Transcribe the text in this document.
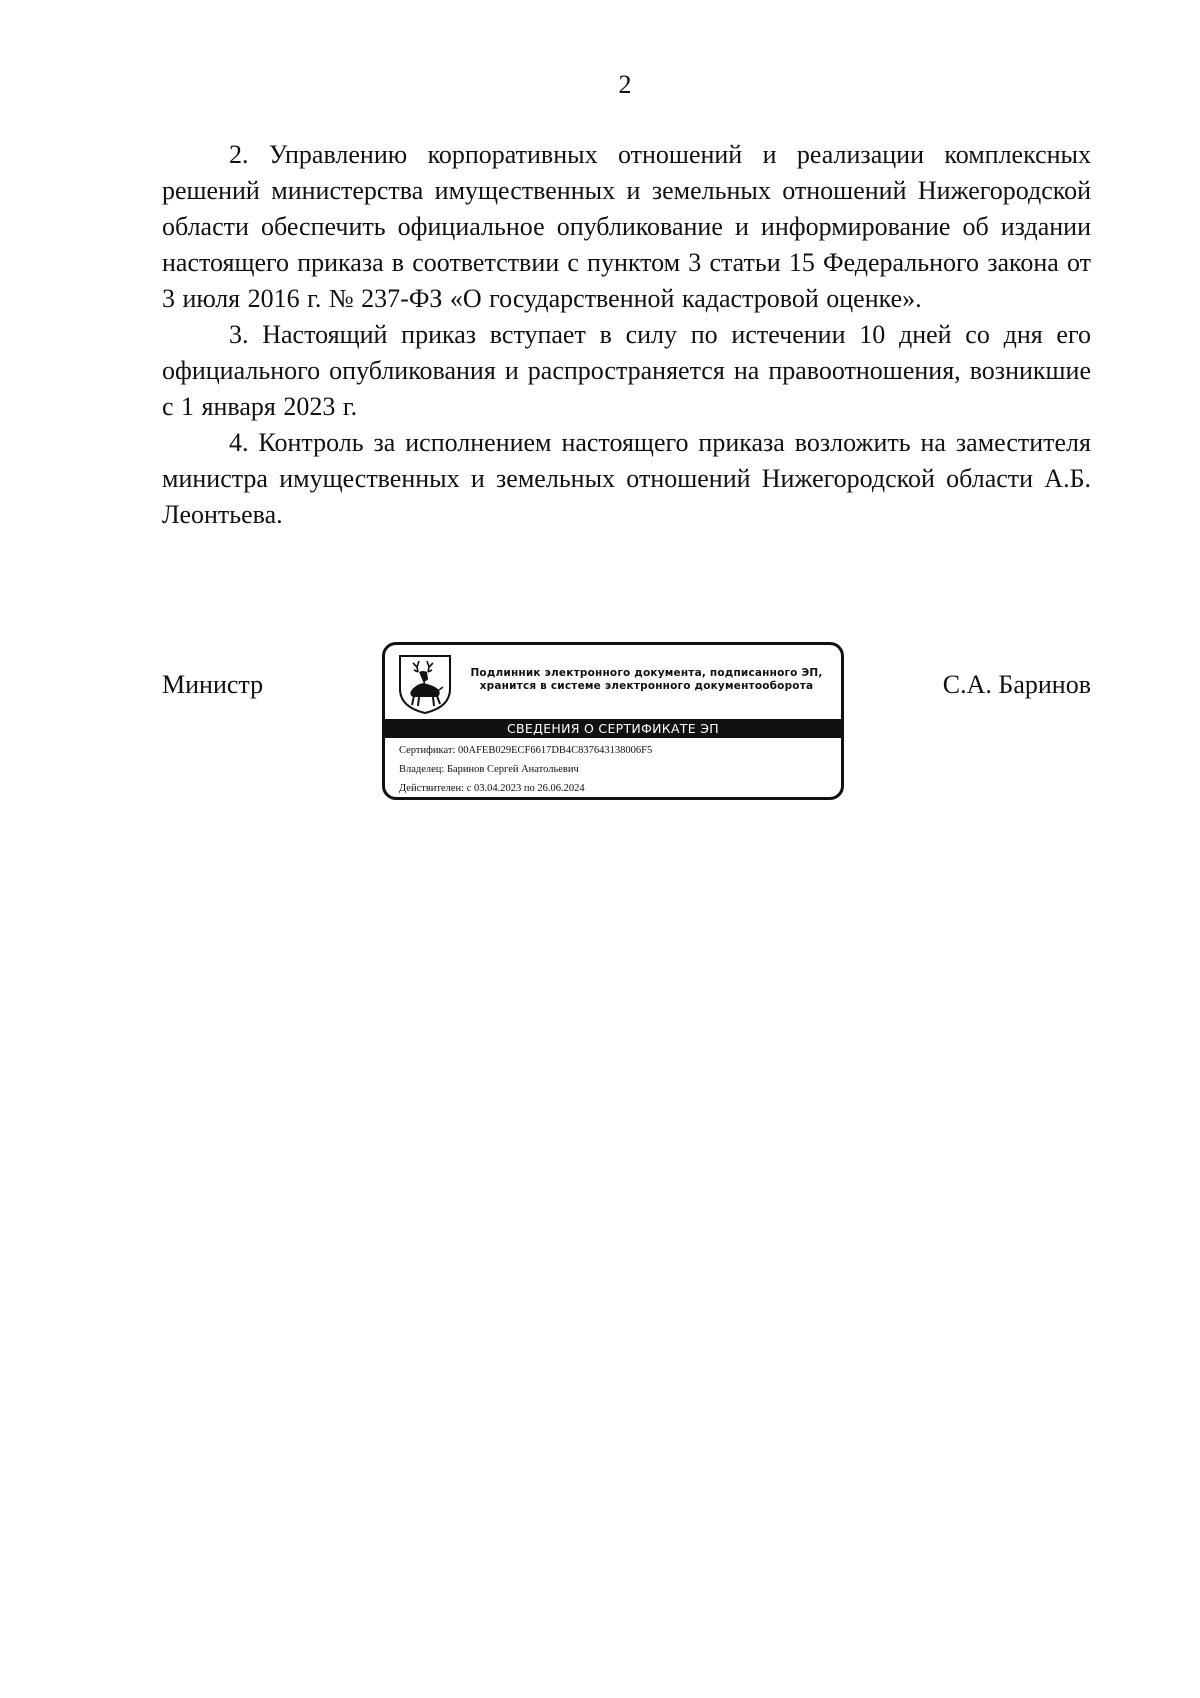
2

2. Управлению корпоративных отношений и реализации комплексных решений министерства имущественных и земельных отношений Нижегородской области обеспечить официальное опубликование и информирование об издании настоящего приказа в соответствии с пунктом 3 статьи 15 Федерального закона от 3 июля 2016 г. № 237-ФЗ «О государственной кадастровой оценке».

3. Настоящий приказ вступает в силу по истечении 10 дней со дня его официального опубликования и распространяется на правоотношения, возникшие с 1 января 2023 г.

4. Контроль за исполнением настоящего приказа возложить на заместителя министра имущественных и земельных отношений Нижегородской области А.Б. Леонтьева.

Министр	Подлинник электронного документа, подписанного ЭП,
хранится в системе электронного документооборота
СВЕДЕНИЯ О СЕРТИФИКАТЕ ЭП
Сертификат: 00AFEB029ECF6617DB4C837643138006F5
Владелец: Баринов Сергей Анатольевич
Действителен: с 03.04.2023 по 26.06.2024
С.А. Баринов
